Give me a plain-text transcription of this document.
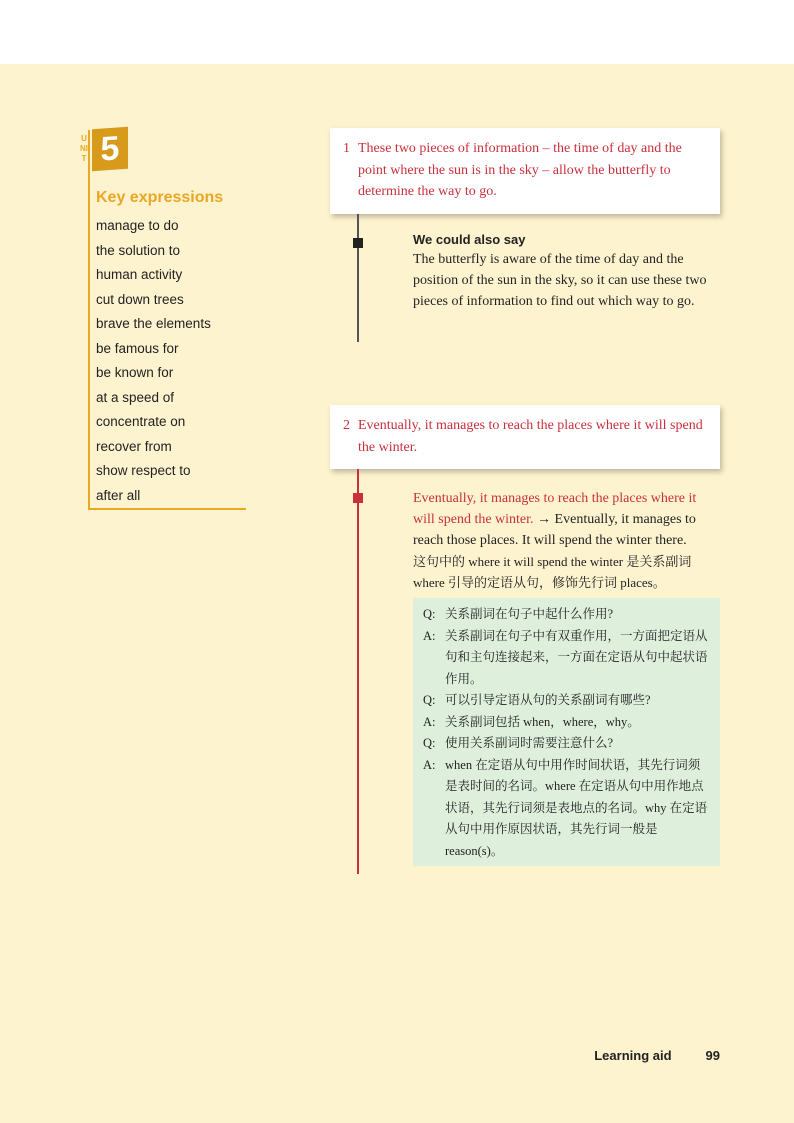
UNIT 5
Key expressions
manage to do
the solution to
human activity
cut down trees
brave the elements
be famous for
be known for
at a speed of
concentrate on
recover from
show respect to
after all
1 These two pieces of information – the time of day and the point where the sun is in the sky – allow the butterfly to determine the way to go.
We could also say
The butterfly is aware of the time of day and the position of the sun in the sky, so it can use these two pieces of information to find out which way to go.
2 Eventually, it manages to reach the places where it will spend the winter.
Eventually, it manages to reach the places where it will spend the winter. → Eventually, it manages to reach those places. It will spend the winter there.
这句中的 where it will spend the winter 是关系副词 where 引导的定语从句，修饰先行词 places。
Q: 关系副词在句子中起什么作用?
A: 关系副词在句子中有双重作用，一方面把定语从句和主句连接起来，一方面在定语从句中起状语作用。
Q: 可以引导定语从句的关系副词有哪些?
A: 关系副词包括 when，where，why。
Q: 使用关系副词时需要注意什么?
A: when 在定语从句中用作时间状语，其先行词须是表时间的名词。where 在定语从句中用作地点状语，其先行词须是表地点的名词。why 在定语从句中用作原因状语，其先行词一般是 reason(s)。
Learning aid	99
